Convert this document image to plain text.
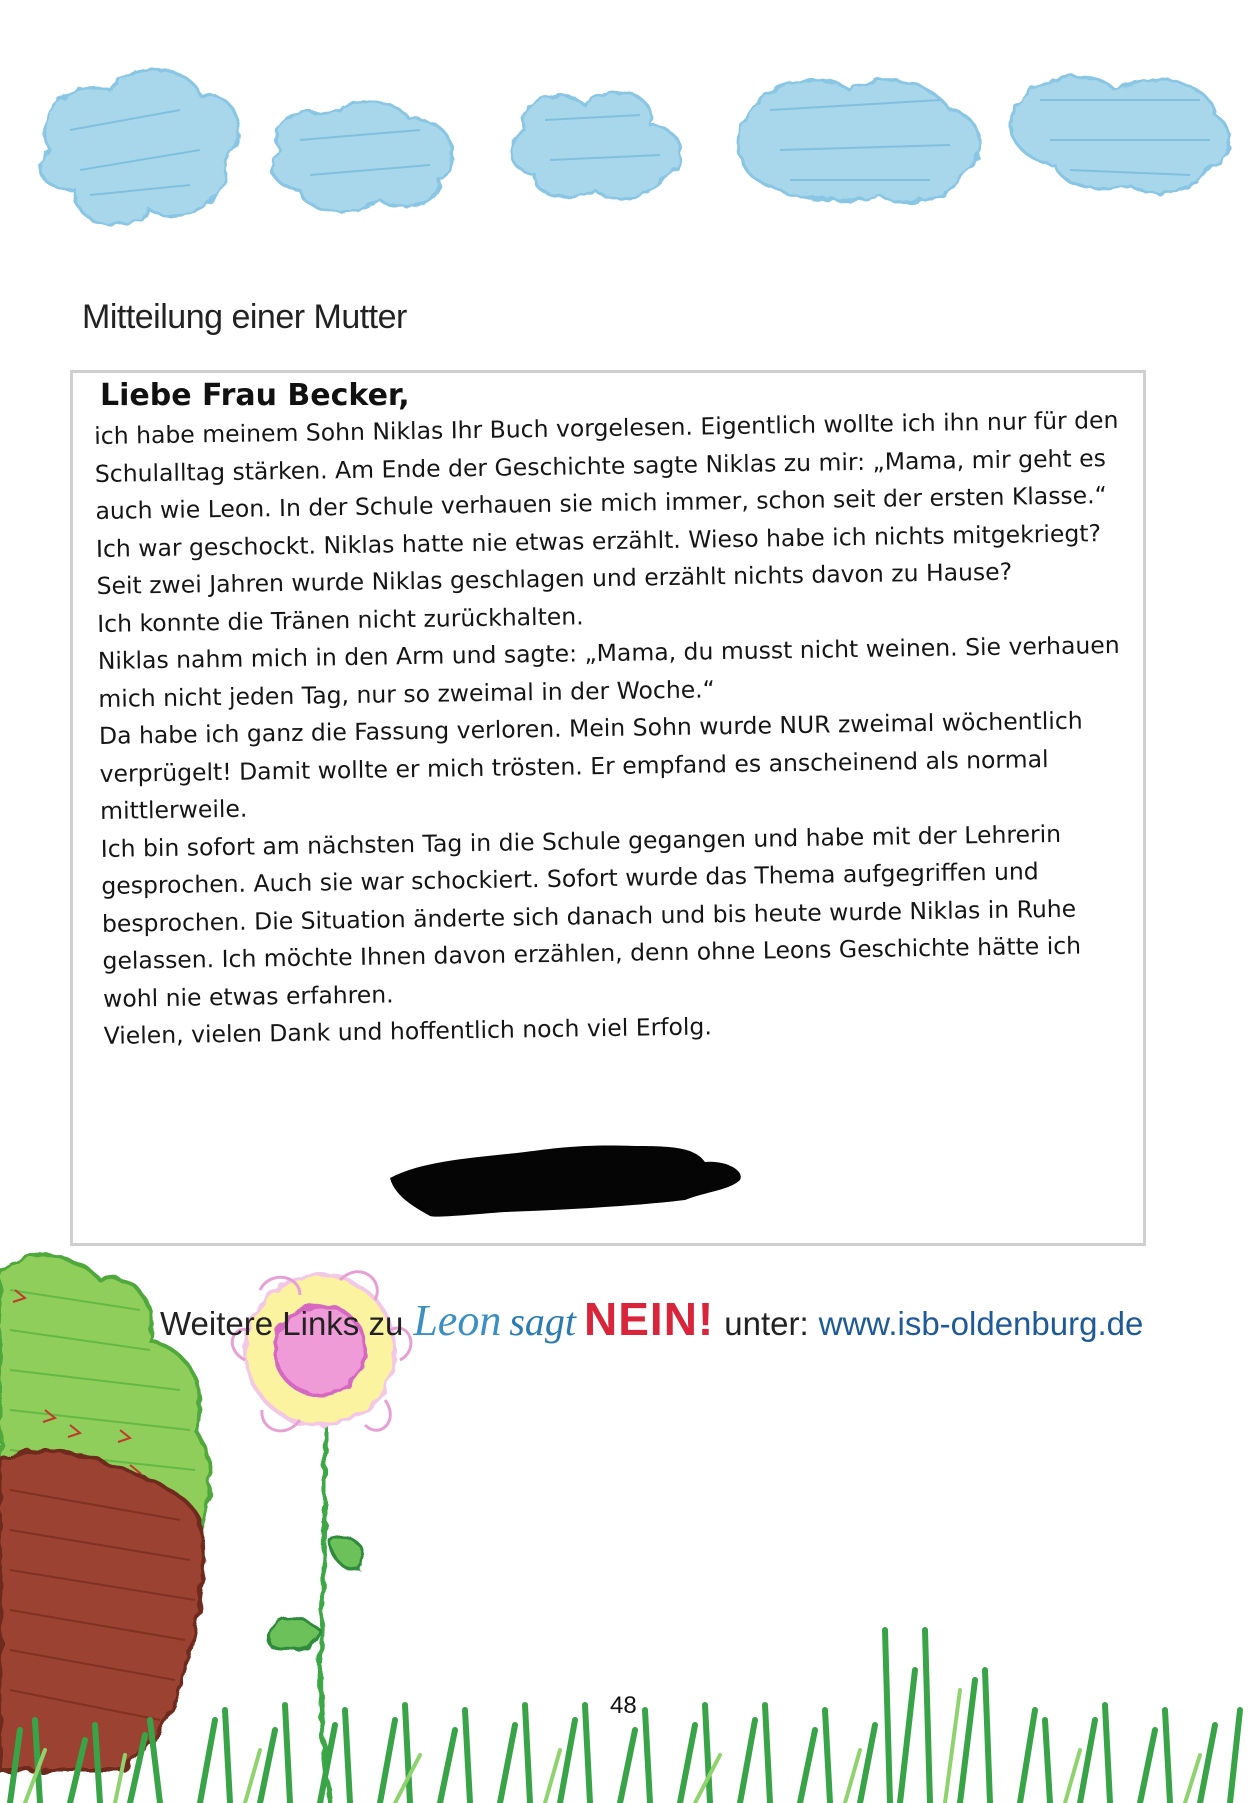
Mitteilung einer Mutter
Liebe Frau Becker,

ich habe meinem Sohn Niklas Ihr Buch vorgelesen. Eigentlich wollte ich ihn nur für den Schulalltag stärken. Am Ende der Geschichte sagte Niklas zu mir: „Mama, mir geht es auch wie Leon. In der Schule verhauen sie mich immer, schon seit der ersten Klasse.“

Ich war geschockt. Niklas hatte nie etwas erzählt. Wieso habe ich nichts mitgekriegt?

Seit zwei Jahren wurde Niklas geschlagen und erzählt nichts davon zu Hause?

Ich konnte die Tränen nicht zurückhalten.

Niklas nahm mich in den Arm und sagte: „Mama, du musst nicht weinen. Sie verhauen mich nicht jeden Tag, nur so zweimal in der Woche.“

Da habe ich ganz die Fassung verloren. Mein Sohn wurde NUR zweimal wöchentlich verprügelt! Damit wollte er mich trösten. Er empfand es anscheinend als normal mittlerweile.

Ich bin sofort am nächsten Tag in die Schule gegangen und habe mit der Lehrerin gesprochen. Auch sie war schockiert. Sofort wurde das Thema aufgegriffen und besprochen. Die Situation änderte sich danach und bis heute wurde Niklas in Ruhe gelassen. Ich möchte Ihnen davon erzählen, denn ohne Leons Geschichte hätte ich wohl nie etwas erfahren.

Vielen, vielen Dank und hoffentlich noch viel Erfolg.

Weitere Links zu Leon sagt NEIN! unter: www.isb-oldenburg.de
48
